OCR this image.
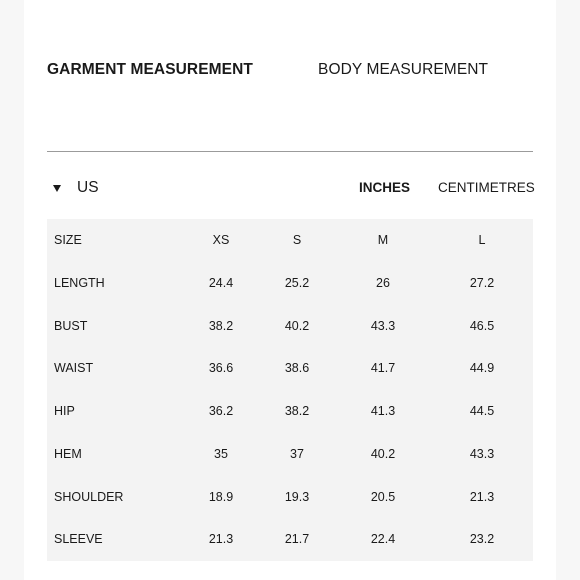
GARMENT MEASUREMENT	BODY MEASUREMENT
US	INCHES CENTIMETRES
SIZE	XS	S	M	L
LENGTH	24.4	25.2	26	27.2
BUST	38.2	40.2	43.3	46.5
WAIST	36.6	38.6	41.7	44.9
HIP	36.2	38.2	41.3	44.5
HEM	35	37	40.2	43.3
SHOULDER	18.9	19.3	20.5	21.3
SLEEVE	21.3	21.7	22.4	23.2
